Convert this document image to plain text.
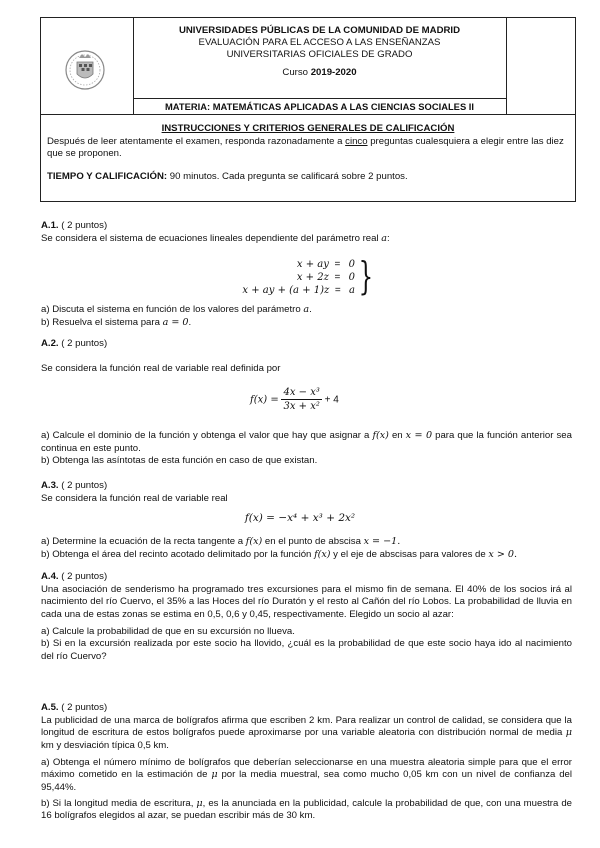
UNIVERSIDADES PÚBLICAS DE LA COMUNIDAD DE MADRID
EVALUACIÓN PARA EL ACCESO A LAS ENSEÑANZAS
UNIVERSITARIAS OFICIALES DE GRADO
Curso 2019-2020
MATERIA: MATEMÁTICAS APLICADAS A LAS CIENCIAS SOCIALES II
INSTRUCCIONES Y CRITERIOS GENERALES DE CALIFICACIÓN

Después de leer atentamente el examen, responda razonadamente a cinco preguntas cualesquiera a elegir entre las diez que se proponen.

TIEMPO Y CALIFICACIÓN: 90 minutos. Cada pregunta se calificará sobre 2 puntos.

A.1. ( 2 puntos)

Se considera el sistema de ecuaciones lineales dependiente del parámetro real a:

x + ay = 0
x + 2z = 0
x + ay + (a + 1)z = a }

a) Discuta el sistema en función de los valores del parámetro a.

b) Resuelva el sistema para a = 0.

A.2. ( 2 puntos)

Se considera la función real de variable real definida por

$f(x) = \frac{\text{4x − x³}}{\text{3x + x²}} + 4$

a) Calcule el dominio de la función y obtenga el valor que hay que asignar a f(x) en x = 0 para que la función anterior sea continua en este punto.

b) Obtenga las asíntotas de esta función en caso de que existan.

A.3. ( 2 puntos)

Se considera la función real de variable real

f(x) = −x⁴ + x³ + 2x²

a) Determine la ecuación de la recta tangente a f(x) en el punto de abscisa x = −1.

b) Obtenga el área del recinto acotado delimitado por la función f(x) y el eje de abscisas para valores de x > 0.

A.4. ( 2 puntos)

Una asociación de senderismo ha programado tres excursiones para el mismo fin de semana. El 40% de los socios irá al nacimiento del río Cuervo, el 35% a las Hoces del río Duratón y el resto al Cañón del río Lobos. La probabilidad de lluvia en cada una de estas zonas se estima en 0,5, 0,6 y 0,45, respectivamente. Elegido un socio al azar:

a) Calcule la probabilidad de que en su excursión no llueva.

b) Si en la excursión realizada por este socio ha llovido, ¿cuál es la probabilidad de que este socio haya ido al nacimiento del río Cuervo?

A.5. ( 2 puntos)

La publicidad de una marca de bolígrafos afirma que escriben 2 km. Para realizar un control de calidad, se considera que la longitud de escritura de estos bolígrafos puede aproximarse por una variable aleatoria con distribución normal de media μ km y desviación típica 0,5 km.

a) Obtenga el número mínimo de bolígrafos que deberían seleccionarse en una muestra aleatoria simple para que el error máximo cometido en la estimación de μ por la media muestral, sea como mucho 0,05 km con un nivel de confianza del 95,44%.

b) Si la longitud media de escritura, μ, es la anunciada en la publicidad, calcule la probabilidad de que, con una muestra de 16 bolígrafos elegidos al azar, se puedan escribir más de 30 km.
